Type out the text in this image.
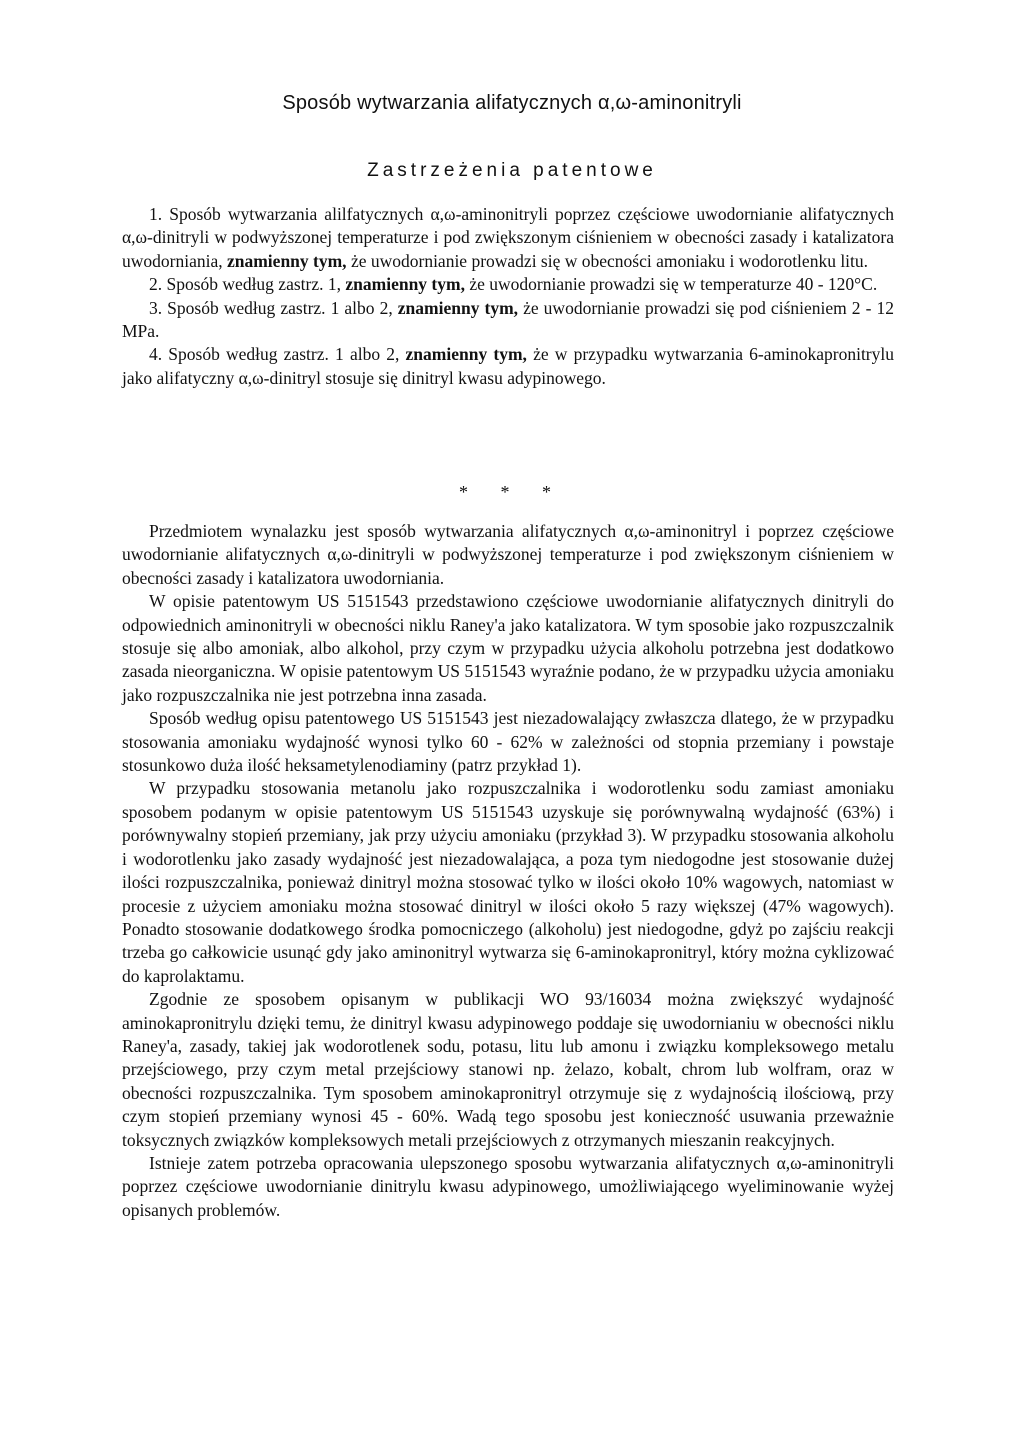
Sposób wytwarzania alifatycznych α,ω-aminonitryli
Zastrzeżenia patentowe

1. Sposób wytwarzania alilfatycznych α,ω-aminonitryli poprzez częściowe uwodornianie alifatycznych α,ω-dinitryli w podwyższonej temperaturze i pod zwiększonym ciśnieniem w obecności zasady i katalizatora uwodorniania, znamienny tym, że uwodornianie prowadzi się w obecności amoniaku i wodorotlenku litu.

2. Sposób według zastrz. 1, znamienny tym, że uwodornianie prowadzi się w temperaturze 40 - 120°C.

3. Sposób według zastrz. 1 albo 2, znamienny tym, że uwodornianie prowadzi się pod ciśnieniem 2 - 12 MPa.

4. Sposób według zastrz. 1 albo 2, znamienny tym, że w przypadku wytwarzania 6-aminokapronitrylu jako alifatyczny α,ω-dinitryl stosuje się dinitryl kwasu adypinowego.

* * *

Przedmiotem wynalazku jest sposób wytwarzania alifatycznych α,ω-aminonitryl i poprzez częściowe uwodornianie alifatycznych α,ω-dinitryli w podwyższonej temperaturze i pod zwiększonym ciśnieniem w obecności zasady i katalizatora uwodorniania.

W opisie patentowym US 5151543 przedstawiono częściowe uwodornianie alifatycznych dinitryli do odpowiednich aminonitryli w obecności niklu Raney'a jako katalizatora. W tym sposobie jako rozpuszczalnik stosuje się albo amoniak, albo alkohol, przy czym w przypadku użycia alkoholu potrzebna jest dodatkowo zasada nieorganiczna. W opisie patentowym US 5151543 wyraźnie podano, że w przypadku użycia amoniaku jako rozpuszczalnika nie jest potrzebna inna zasada.

Sposób według opisu patentowego US 5151543 jest niezadowalający zwłaszcza dlatego, że w przypadku stosowania amoniaku wydajność wynosi tylko 60 - 62% w zależności od stopnia przemiany i powstaje stosunkowo duża ilość heksametylenodiaminy (patrz przykład 1).

W przypadku stosowania metanolu jako rozpuszczalnika i wodorotlenku sodu zamiast amoniaku sposobem podanym w opisie patentowym US 5151543 uzyskuje się porównywalną wydajność (63%) i porównywalny stopień przemiany, jak przy użyciu amoniaku (przykład 3). W przypadku stosowania alkoholu i wodorotlenku jako zasady wydajność jest niezadowalająca, a poza tym niedogodne jest stosowanie dużej ilości rozpuszczalnika, ponieważ dinitryl można stosować tylko w ilości około 10% wagowych, natomiast w procesie z użyciem amoniaku można stosować dinitryl w ilości około 5 razy większej (47% wagowych). Ponadto stosowanie dodatkowego środka pomocniczego (alkoholu) jest niedogodne, gdyż po zajściu reakcji trzeba go całkowicie usunąć gdy jako aminonitryl wytwarza się 6-aminokapronitryl, który można cyklizować do kaprolaktamu.

Zgodnie ze sposobem opisanym w publikacji WO 93/16034 można zwiększyć wydajność aminokapronitrylu dzięki temu, że dinitryl kwasu adypinowego poddaje się uwodornianiu w obecności niklu Raney'a, zasady, takiej jak wodorotlenek sodu, potasu, litu lub amonu i związku kompleksowego metalu przejściowego, przy czym metal przejściowy stanowi np. żelazo, kobalt, chrom lub wolfram, oraz w obecności rozpuszczalnika. Tym sposobem aminokapronitryl otrzymuje się z wydajnością ilościową, przy czym stopień przemiany wynosi 45 - 60%. Wadą tego sposobu jest konieczność usuwania przeważnie toksycznych związków kompleksowych metali przejściowych z otrzymanych mieszanin reakcyjnych.

Istnieje zatem potrzeba opracowania ulepszonego sposobu wytwarzania alifatycznych α,ω-aminonitryli poprzez częściowe uwodornianie dinitrylu kwasu adypinowego, umożliwiającego wyeliminowanie wyżej opisanych problemów.
